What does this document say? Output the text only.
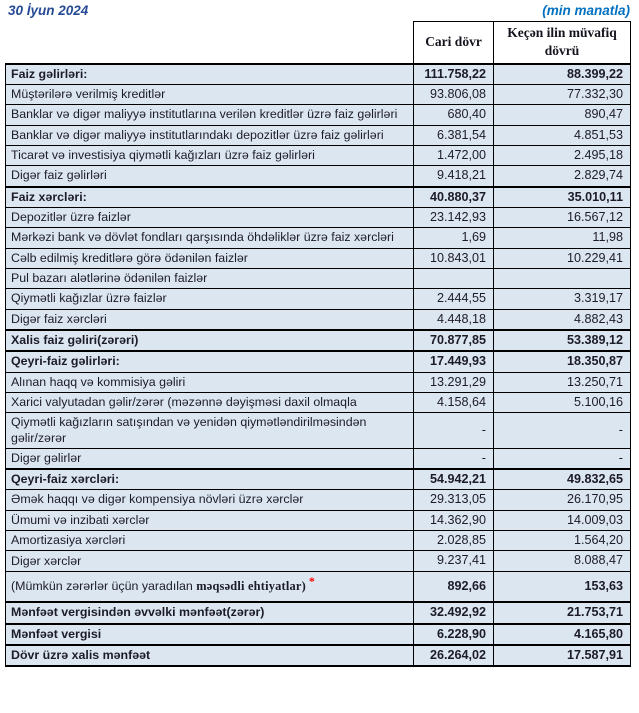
30 İyun 2024	(min manatla)
	Cari dövr	Keçən ilin müvafiq dövrü
Faiz gəlirləri:	111.758,22	88.399,22
Müştərilərə verilmiş kreditlər	93.806,08	77.332,30
Banklar və digər maliyyə institutlarına verilən kreditlər üzrə faiz gəlirləri	680,40	890,47
Banklar və digər maliyyə institutlarındakı depozitlər üzrə faiz gəlirləri	6.381,54	4.851,53
Ticarət və investisiya qiymətli kağızları üzrə faiz gəlirləri	1.472,00	2.495,18
Digər faiz gəlirləri	9.418,21	2.829,74
Faiz xərcləri:	40.880,37	35.010,11
Depozitlər üzrə faizlər	23.142,93	16.567,12
Mərkəzi bank və dövlət fondları qarşısında öhdəliklər üzrə faiz xərcləri	1,69	11,98
Cəlb edilmiş kreditlərə görə ödənilən faizlər	10.843,01	10.229,41
Pul bazarı alətlərinə ödənilən faizlər		
Qiymətli kağızlar üzrə faizlər	2.444,55	3.319,17
Digər faiz xərcləri	4.448,18	4.882,43
Xalis faiz gəliri(zərəri)	70.877,85	53.389,12
Qeyri-faiz gəlirləri:	17.449,93	18.350,87
Alınan haqq və kommisiya gəliri	13.291,29	13.250,71
Xarici valyutadan gəlir/zərər (məzənnə dəyişməsi daxil olmaqla	4.158,64	5.100,16
Qiymətli kağızların satışından və yenidən qiymətləndirilməsindən gəlir/zərər	-	-
Digər gəlirlər	-	-
Qeyri-faiz xərcləri:	54.942,21	49.832,65
Əmək haqqı və digər kompensiya növləri üzrə xərclər	29.313,05	26.170,95
Ümumi və inzibati xərclər	14.362,90	14.009,03
Amortizasiya xərcləri	2.028,85	1.564,20
Digər xərclər	9.237,41	8.088,47
(Mümkün zərərlər üçün yaradılan məqsədli ehtiyatlar) *	892,66	153,63
Mənfəət vergisindən əvvəlki mənfəət(zərər)	32.492,92	21.753,71
Mənfəət vergisi	6.228,90	4.165,80
Dövr üzrə xalis mənfəət	26.264,02	17.587,91
